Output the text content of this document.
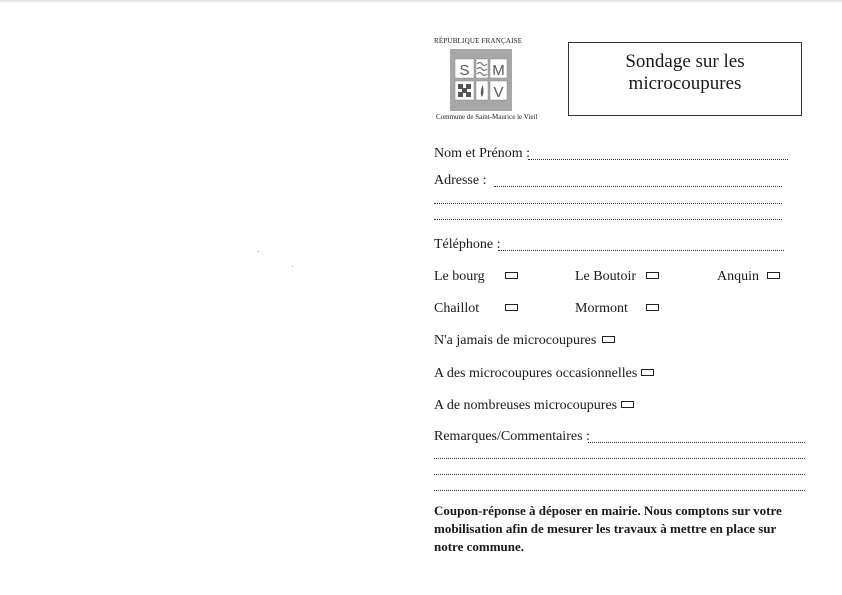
RÉPUBLIQUE FRANÇAISE
S M
V
Commune de Saint-Maurice le Vieil
Sondage sur les
microcoupures
Nom et Prénom :
Adresse :
Téléphone :
Le bourg	Le Boutoir	Anquin
Chaillot	Mormont
N'a jamais de microcoupures
A des microcoupures occasionnelles
A de nombreuses microcoupures
Remarques/Commentaires :
Coupon-réponse à déposer en mairie. Nous comptons sur votre mobilisation afin de mesurer les travaux à mettre en place sur notre commune.
